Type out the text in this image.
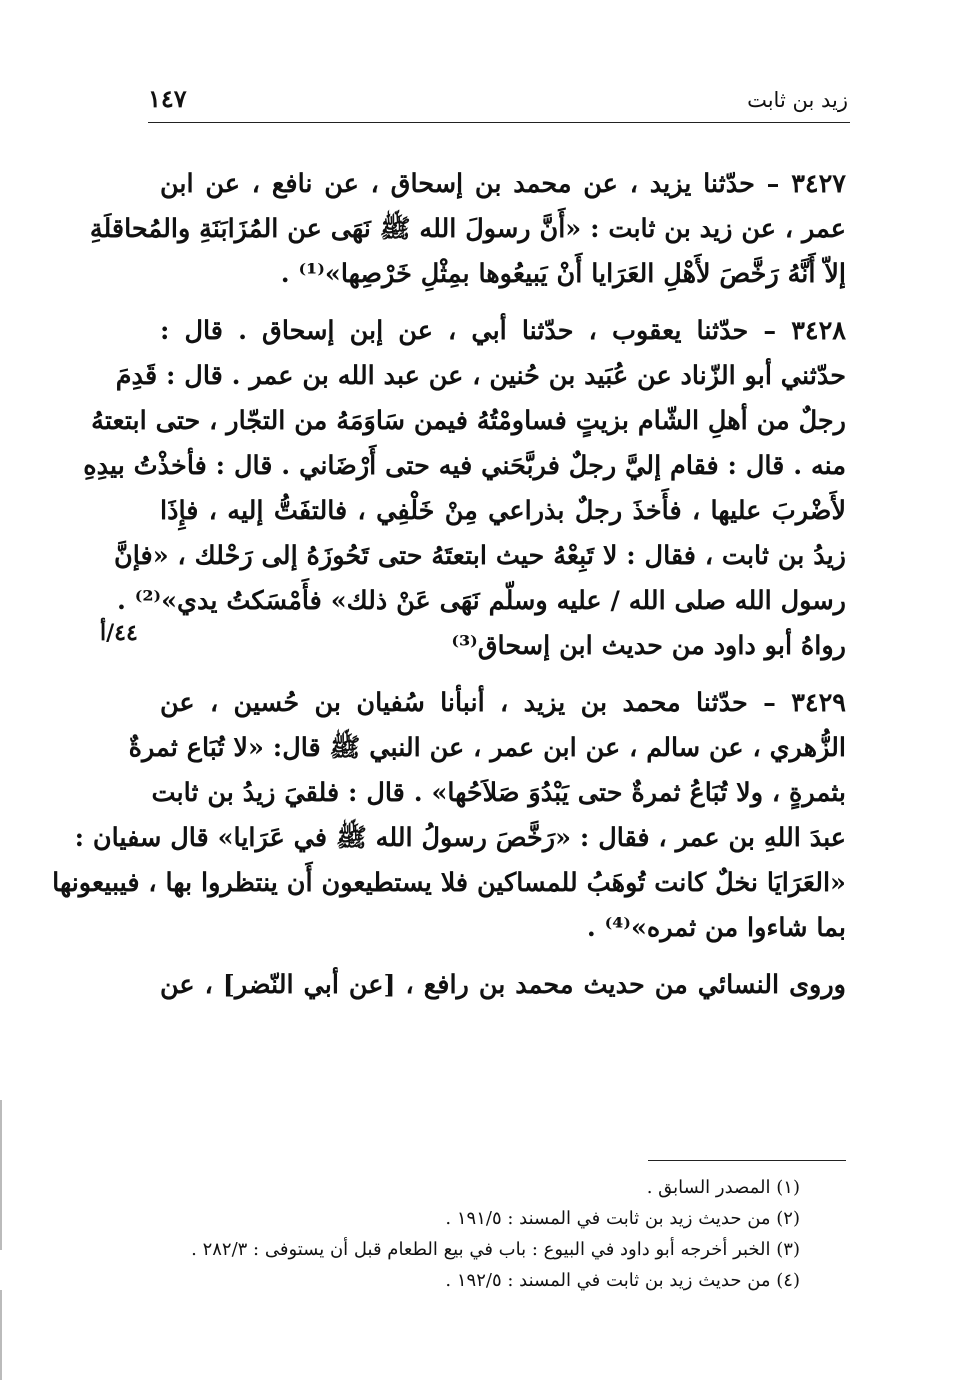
زيد بن ثابت
١٤٧
٤٤/أ
٣٤٢٧ – حدّثنا يزيد ، عن محمد بن إسحاق ، عن نافع ، عن ابن
عمر ، عن زيد بن ثابت : «أَنَّ رسولَ الله ﷺ نَهَى عن المُزَابَنَةِ والمُحاقلَةِ
إلاّ أَنَّهُ رَخَّصَ لأَهْلِ العَرَايا أَنْ يَبيعُوها بمِثْلِ خَرْصِها»⁽¹⁾ .
٣٤٢٨ – حدّثنا يعقوب ، حدّثنا أبي ، عن إبن إسحاق . قال :
حدّثني أبو الزّناد عن عُبَيد بن حُنين ، عن عبد الله بن عمر . قال : قَدِمَ
رجلٌ من أهلِ الشّام بزيتٍ فساومْتُهُ فيمن سَاوَمَهُ من التجّار ، حتى ابتعتهُ
منه . قال : فقام إليَّ رجلٌ فربَّحَني فيه حتى أَرْضَاني . قال : فأخذْتُ بيدِهِ
لأَضْربَ عليها ، فأَخذَ رجلٌ بذراعي مِنْ خَلْفِي ، فالتفَتُّ إليه ، فإِذَا
زيدُ بن ثابت ، فقال : لا تَبِعْهُ حيث ابتعتَهُ حتى تَحُوزَهُ إلى رَحْلك ، «فإنَّ
رسول الله صلى الله / عليه وسلّم نَهَى عَنْ ذلك» فأَمْسَكتُ يدي»⁽²⁾ .
رواهُ أبو داود من حديث ابن إسحاق⁽³⁾
٣٤٢٩ – حدّثنا محمد بن يزيد ، أنبأنا سُفيان بن حُسين ، عن
الزُّهري ، عن سالم ، عن ابن عمر ، عن النبي ﷺ قال: «لا تُبَاع ثمرةٌ
بثمرةٍ ، ولا تُبَاعُ ثمرةٌ حتى يَبْدُوَ صَلاَحُها» . قال : فلقيَ زيدُ بن ثابت
عبدَ اللهِ بن عمر ، فقال : «رَخَّصَ رسولُ الله ﷺ في عَرَايا» قال سفيان :
«العَرَايَا نخلٌ كانت تُوهَبُ للمساكين فلا يستطيعون أَن ينتظروا بها ، فيبيعونها
بما شاءوا من ثمره»⁽⁴⁾ .
وروى النسائي من حديث محمد بن رافع ، [عن أبي النّضر] ، عن
(١) المصدر السابق .
(٢) من حديث زيد بن ثابت في المسند : ١٩١/٥ .
(٣) الخبر أخرجه أبو داود في البيوع : باب في بيع الطعام قبل أن يستوفى : ٢٨٢/٣ .
(٤) من حديث زيد بن ثابت في المسند : ١٩٢/٥ .
